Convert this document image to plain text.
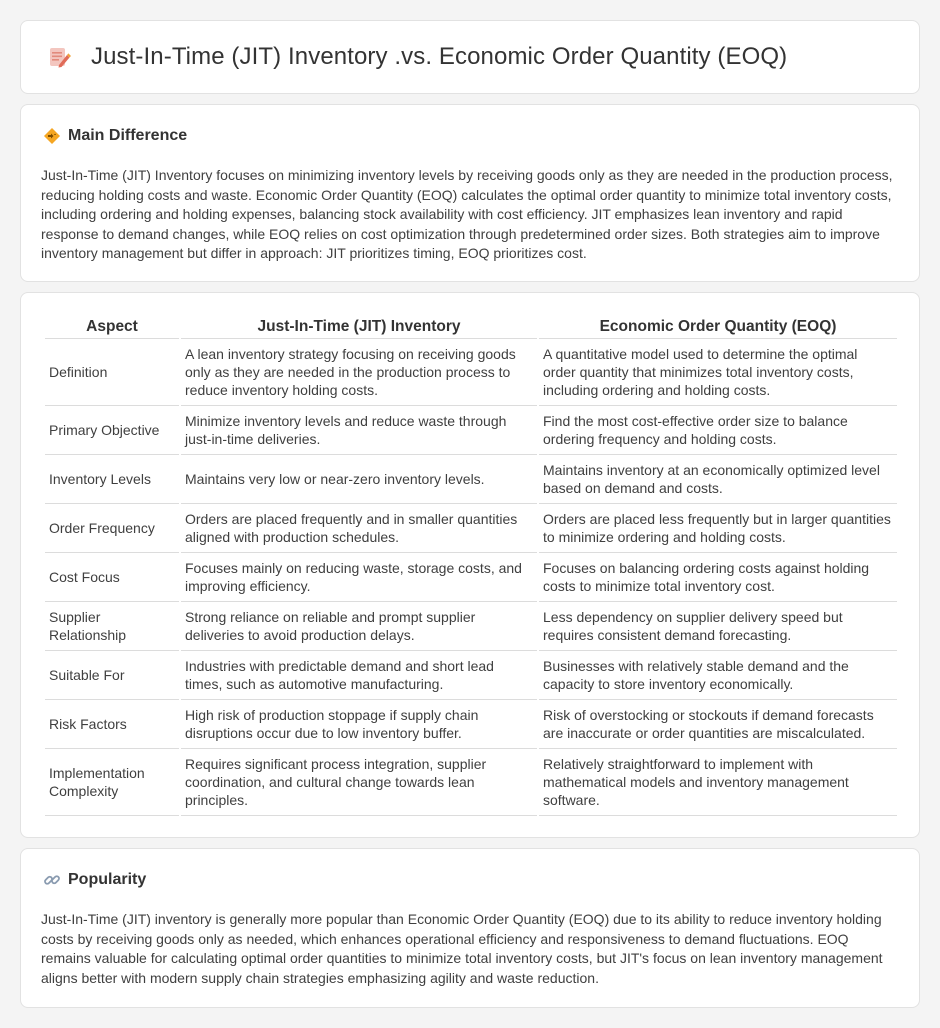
Just-In-Time (JIT) Inventory .vs. Economic Order Quantity (EOQ)
Main Difference

Just-In-Time (JIT) Inventory focuses on minimizing inventory levels by receiving goods only as they are needed in the production process, reducing holding costs and waste. Economic Order Quantity (EOQ) calculates the optimal order quantity to minimize total inventory costs, including ordering and holding expenses, balancing stock availability with cost efficiency. JIT emphasizes lean inventory and rapid response to demand changes, while EOQ relies on cost optimization through predetermined order sizes. Both strategies aim to improve inventory management but differ in approach: JIT prioritizes timing, EOQ prioritizes cost.

Aspect	Just-In-Time (JIT) Inventory	Economic Order Quantity (EOQ)
Definition	A lean inventory strategy focusing on receiving goods only as they are needed in the production process to reduce inventory holding costs.	A quantitative model used to determine the optimal order quantity that minimizes total inventory costs, including ordering and holding costs.
Primary Objective	Minimize inventory levels and reduce waste through just-in-time deliveries.	Find the most cost-effective order size to balance ordering frequency and holding costs.
Inventory Levels	Maintains very low or near-zero inventory levels.	Maintains inventory at an economically optimized level based on demand and costs.
Order Frequency	Orders are placed frequently and in smaller quantities aligned with production schedules.	Orders are placed less frequently but in larger quantities to minimize ordering and holding costs.
Cost Focus	Focuses mainly on reducing waste, storage costs, and improving efficiency.	Focuses on balancing ordering costs against holding costs to minimize total inventory cost.
Supplier Relationship	Strong reliance on reliable and prompt supplier deliveries to avoid production delays.	Less dependency on supplier delivery speed but requires consistent demand forecasting.
Suitable For	Industries with predictable demand and short lead times, such as automotive manufacturing.	Businesses with relatively stable demand and the capacity to store inventory economically.
Risk Factors	High risk of production stoppage if supply chain disruptions occur due to low inventory buffer.	Risk of overstocking or stockouts if demand forecasts are inaccurate or order quantities are miscalculated.
Implementation Complexity	Requires significant process integration, supplier coordination, and cultural change towards lean principles.	Relatively straightforward to implement with mathematical models and inventory management software.
Popularity

Just-In-Time (JIT) inventory is generally more popular than Economic Order Quantity (EOQ) due to its ability to reduce inventory holding costs by receiving goods only as needed, which enhances operational efficiency and responsiveness to demand fluctuations. EOQ remains valuable for calculating optimal order quantities to minimize total inventory costs, but JIT's focus on lean inventory management aligns better with modern supply chain strategies emphasizing agility and waste reduction.
